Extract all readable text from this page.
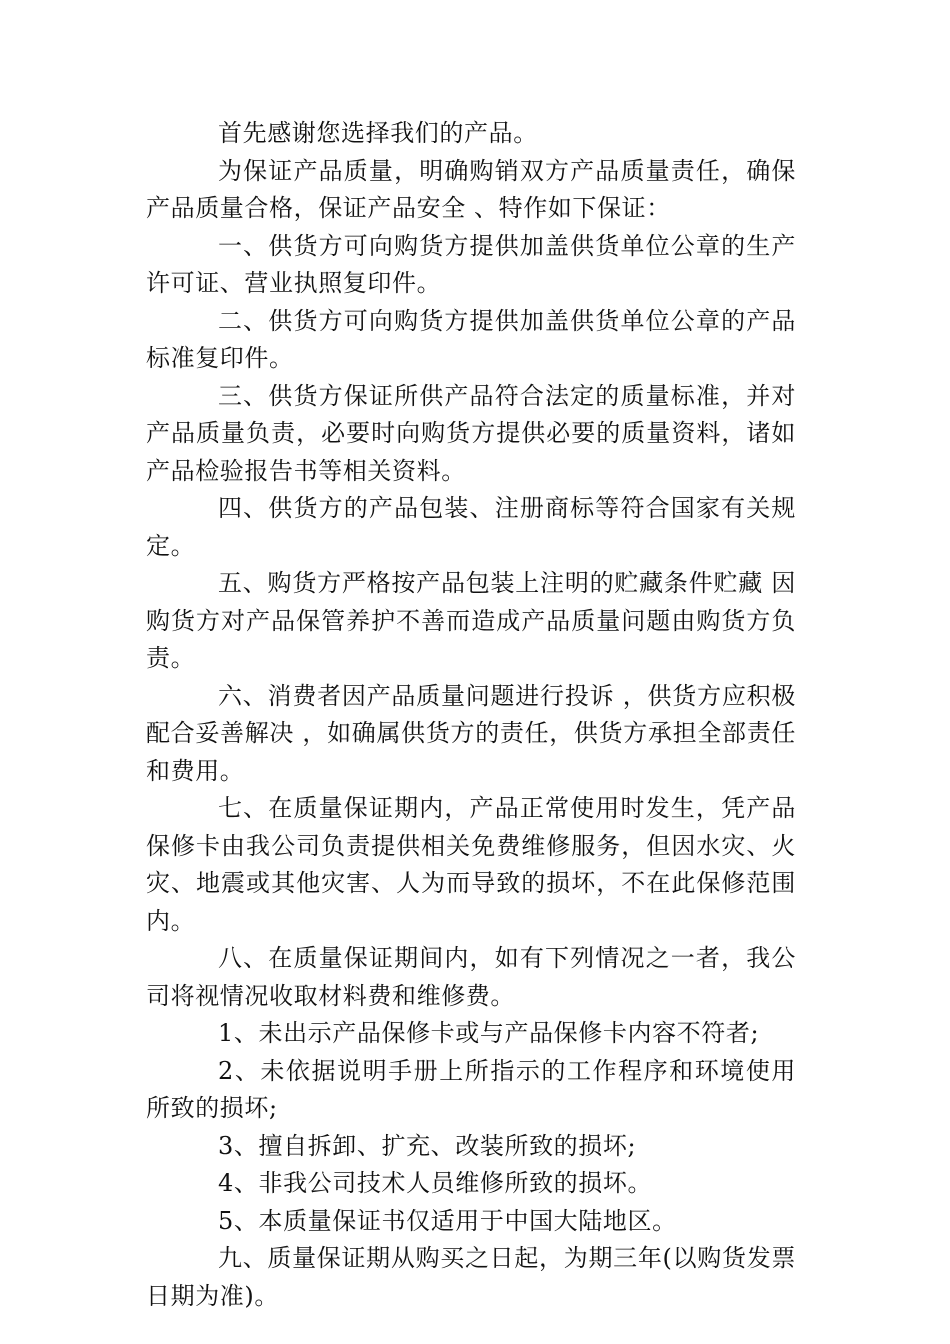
首先感谢您选择我们的产品。

为保证产品质量，明确购销双方产品质量责任，确保产品质量合格，保证产品安全 、特作如下保证：

一、供货方可向购货方提供加盖供货单位公章的生产许可证、营业执照复印件。

二、供货方可向购货方提供加盖供货单位公章的产品标准复印件。

三、供货方保证所供产品符合法定的质量标准，并对产品质量负责，必要时向购货方提供必要的质量资料，诸如产品检验报告书等相关资料。

四、供货方的产品包装、注册商标等符合国家有关规定。

五、购货方严格按产品包装上注明的贮藏条件贮藏 因购货方对产品保管养护不善而造成产品质量问题由购货方负责。

六、消费者因产品质量问题进行投诉 ，供货方应积极配合妥善解决 ，如确属供货方的责任，供货方承担全部责任和费用。

七、在质量保证期内，产品正常使用时发生，凭产品保修卡由我公司负责提供相关免费维修服务，但因水灾、火灾、地震或其他灾害、人为而导致的损坏，不在此保修范围内。

八、在质量保证期间内，如有下列情况之一者，我公司将视情况收取材料费和维修费。

1、未出示产品保修卡或与产品保修卡内容不符者;

2、未依据说明手册上所指示的工作程序和环境使用所致的损坏;

3、擅自拆卸、扩充、改装所致的损坏;

4、非我公司技术人员维修所致的损坏。

5、本质量保证书仅适用于中国大陆地区。

九、质量保证期从购买之日起，为期三年(以购货发票日期为准)。
